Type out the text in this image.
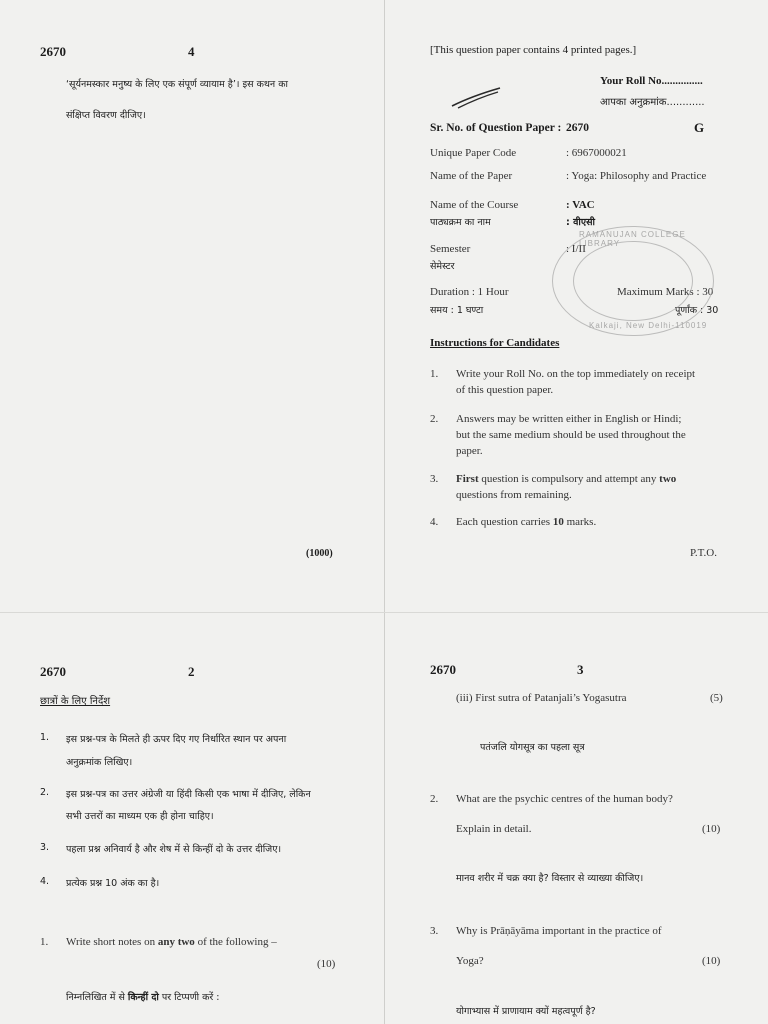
2670	4
‘सूर्यनमस्कार मनुष्य के लिए एक संपूर्ण व्यायाम है’। इस कथन का
संक्षिप्त विवरण दीजिए।
(1000)
[This question paper contains 4 printed pages.]
Your Roll No...............
आपका अनुक्रमांक............
Sr. No. of Question Paper : 2670	G
Unique Paper Code	: 6967000021
Name of the Paper	: Yoga: Philosophy and Practice
Name of the Course	: VAC
पाठ्यक्रम का नाम	: वीएसी
Semester	: I/II
सेमेस्टर
Duration : 1 Hour
समय : 1 घण्टा
Maximum Marks : 30
पूर्णांक : 30
RAMANUJAN COLLEGE LIBRARY
Kalkaji, New Delhi-110019
Instructions for Candidates
1. Write your Roll No. on the top immediately on receipt
of this question paper.
2. Answers may be written either in English or Hindi;
but the same medium should be used throughout the
paper.
3. First question is compulsory and attempt any two
questions from remaining.
4. Each question carries 10 marks.
P.T.O.
2670	2
छात्रों के लिए निर्देश
1. इस प्रश्न-पत्र के मिलते ही ऊपर दिए गए निर्धारित स्थान पर अपना
अनुक्रमांक लिखिए।
2. इस प्रश्न-पत्र का उत्तर अंग्रेजी या हिंदी किसी एक भाषा में दीजिए, लेकिन
सभी उत्तरों का माध्यम एक ही होना चाहिए।
3. पहला प्रश्न अनिवार्य है और शेष में से किन्हीं दो के उत्तर दीजिए।
4. प्रत्येक प्रश्न 10 अंक का है।
1. Write short notes on any two of the following –
(10)
निम्नलिखित में से किन्हीं दो पर टिप्पणी करें :
2670	3
(iii) First sutra of Patanjali’s Yogasutra	(5)
पतंजलि योगसूत्र का पहला सूत्र
2. What are the psychic centres of the human body?
Explain in detail.	(10)
मानव शरीर में चक्र क्या है? विस्तार से व्याख्या कीजिए।
3. Why is Prāṇāyāma important in the practice of
Yoga?	(10)
योगाभ्यास में प्राणायाम क्यों महत्वपूर्ण है?
